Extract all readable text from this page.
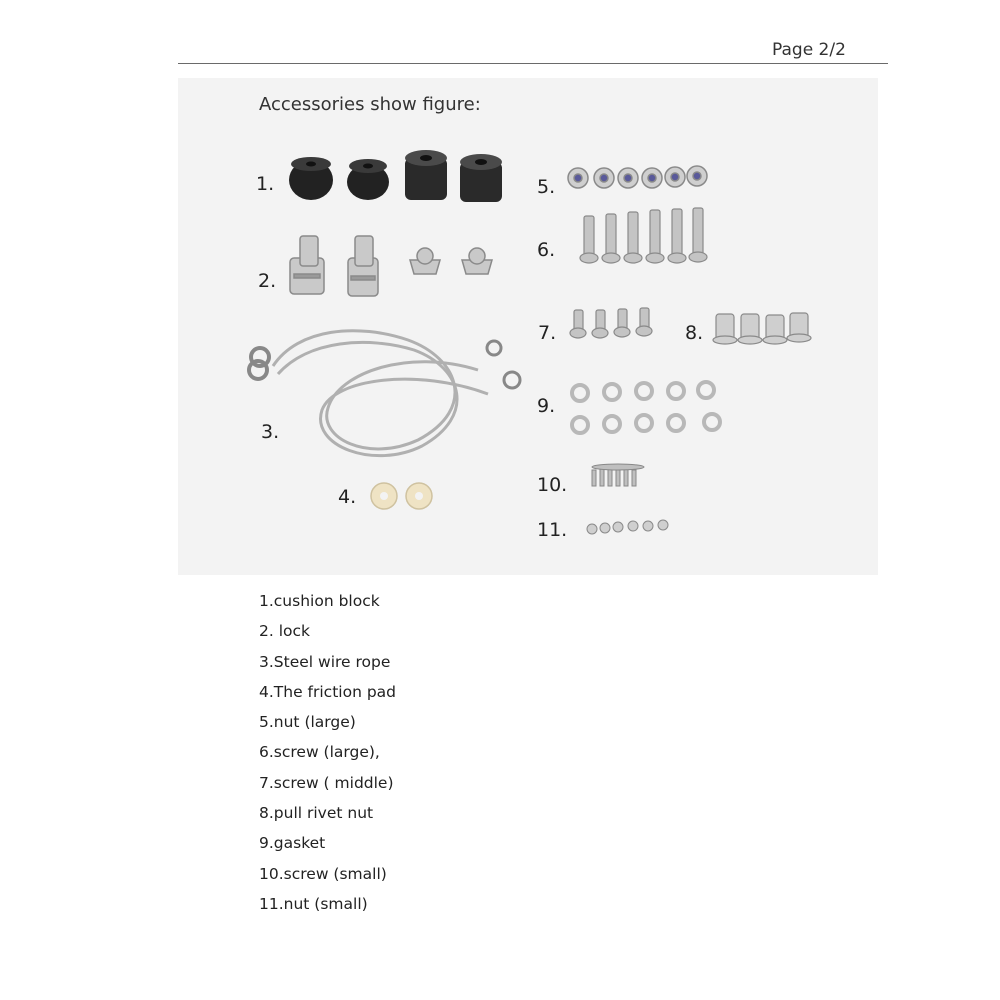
Page 2/2
Accessories show figure:
1.
2.
3.
4.
5.
6.
7.	8.
9.
10.
11.
1.cushion block
2. lock
3.Steel wire rope
4.The friction pad
5.nut (large)
6.screw (large),
7.screw ( middle)
8.pull rivet nut
9.gasket
10.screw (small)
11.nut (small)
